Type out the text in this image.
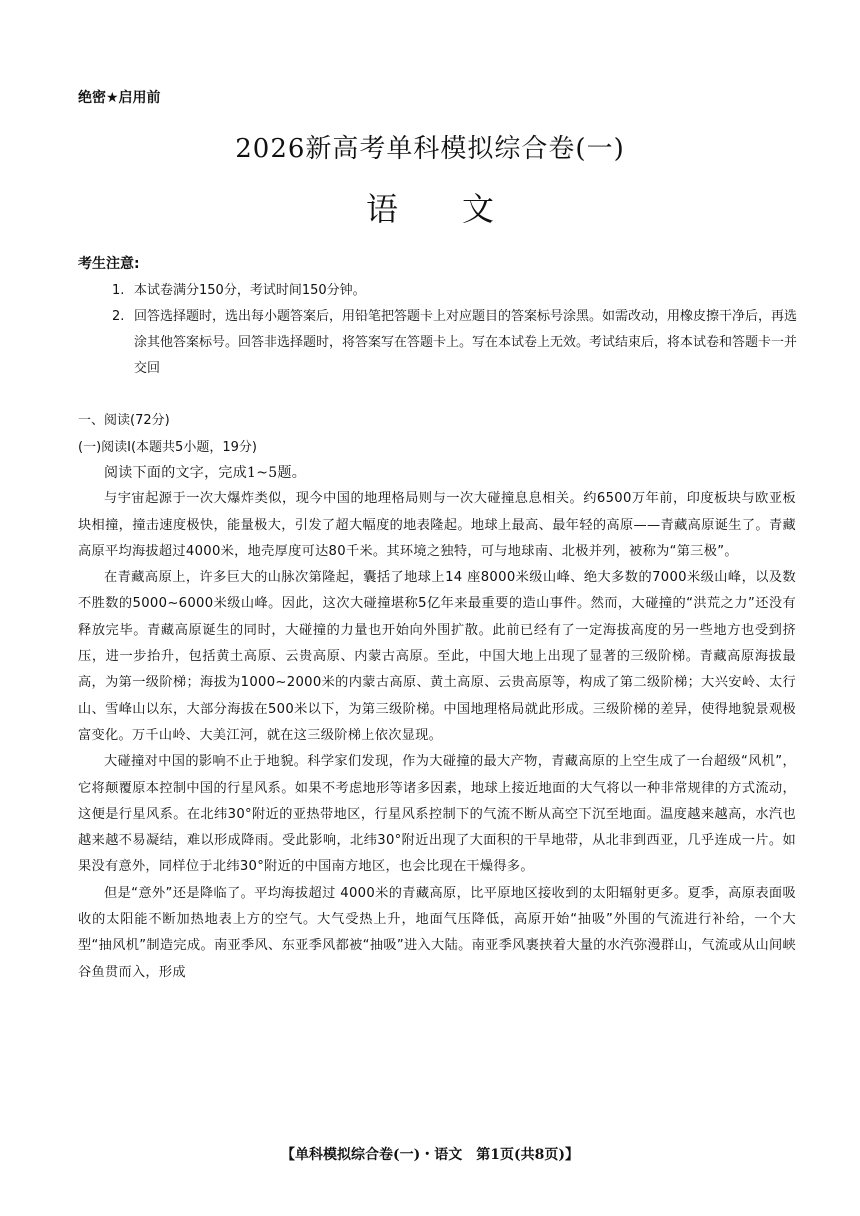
绝密★启用前
2026新高考单科模拟综合卷(一)
语文
考生注意:
1. 本试卷满分150分，考试时间150分钟。
2. 回答选择题时，选出每小题答案后，用铅笔把答题卡上对应题目的答案标号涂黑。如需改动，用橡皮擦干净后，再选涂其他答案标号。回答非选择题时，将答案写在答题卡上。写在本试卷上无效。考试结束后，将本试卷和答题卡一并交回
一、阅读(72分)
(一)阅读Ⅰ(本题共5小题，19分)

阅读下面的文字，完成1~5题。

与宇宙起源于一次大爆炸类似，现今中国的地理格局则与一次大碰撞息息相关。约6500万年前，印度板块与欧亚板块相撞，撞击速度极快，能量极大，引发了超大幅度的地表隆起。地球上最高、最年轻的高原——青藏高原诞生了。青藏高原平均海拔超过4000米，地壳厚度可达80千米。其环境之独特，可与地球南、北极并列，被称为“第三极”。

在青藏高原上，许多巨大的山脉次第隆起，囊括了地球上14 座8000米级山峰、绝大多数的7000米级山峰，以及数不胜数的5000~6000米级山峰。因此，这次大碰撞堪称5亿年来最重要的造山事件。然而，大碰撞的“洪荒之力”还没有释放完毕。青藏高原诞生的同时，大碰撞的力量也开始向外围扩散。此前已经有了一定海拔高度的另一些地方也受到挤压，进一步抬升，包括黄土高原、云贵高原、内蒙古高原。至此，中国大地上出现了显著的三级阶梯。青藏高原海拔最高，为第一级阶梯；海拔为1000~2000米的内蒙古高原、黄土高原、云贵高原等，构成了第二级阶梯；大兴安岭、太行山、雪峰山以东，大部分海拔在500米以下，为第三级阶梯。中国地理格局就此形成。三级阶梯的差异，使得地貌景观极富变化。万千山岭、大美江河，就在这三级阶梯上依次显现。

大碰撞对中国的影响不止于地貌。科学家们发现，作为大碰撞的最大产物，青藏高原的上空生成了一台超级“风机”，它将颠覆原本控制中国的行星风系。如果不考虑地形等诸多因素，地球上接近地面的大气将以一种非常规律的方式流动，这便是行星风系。在北纬30°附近的亚热带地区，行星风系控制下的气流不断从高空下沉至地面。温度越来越高，水汽也越来越不易凝结，难以形成降雨。受此影响，北纬30°附近出现了大面积的干旱地带，从北非到西亚，几乎连成一片。如果没有意外，同样位于北纬30°附近的中国南方地区，也会比现在干燥得多。

但是“意外”还是降临了。平均海拔超过 4000米的青藏高原，比平原地区接收到的太阳辐射更多。夏季，高原表面吸收的太阳能不断加热地表上方的空气。大气受热上升，地面气压降低，高原开始“抽吸”外围的气流进行补给，一个大型“抽风机”制造完成。南亚季风、东亚季风都被“抽吸”进入大陆。南亚季风裹挟着大量的水汽弥漫群山，气流或从山间峡谷鱼贯而入，形成

【单科模拟综合卷(一)・语文　第1页(共8页)】
